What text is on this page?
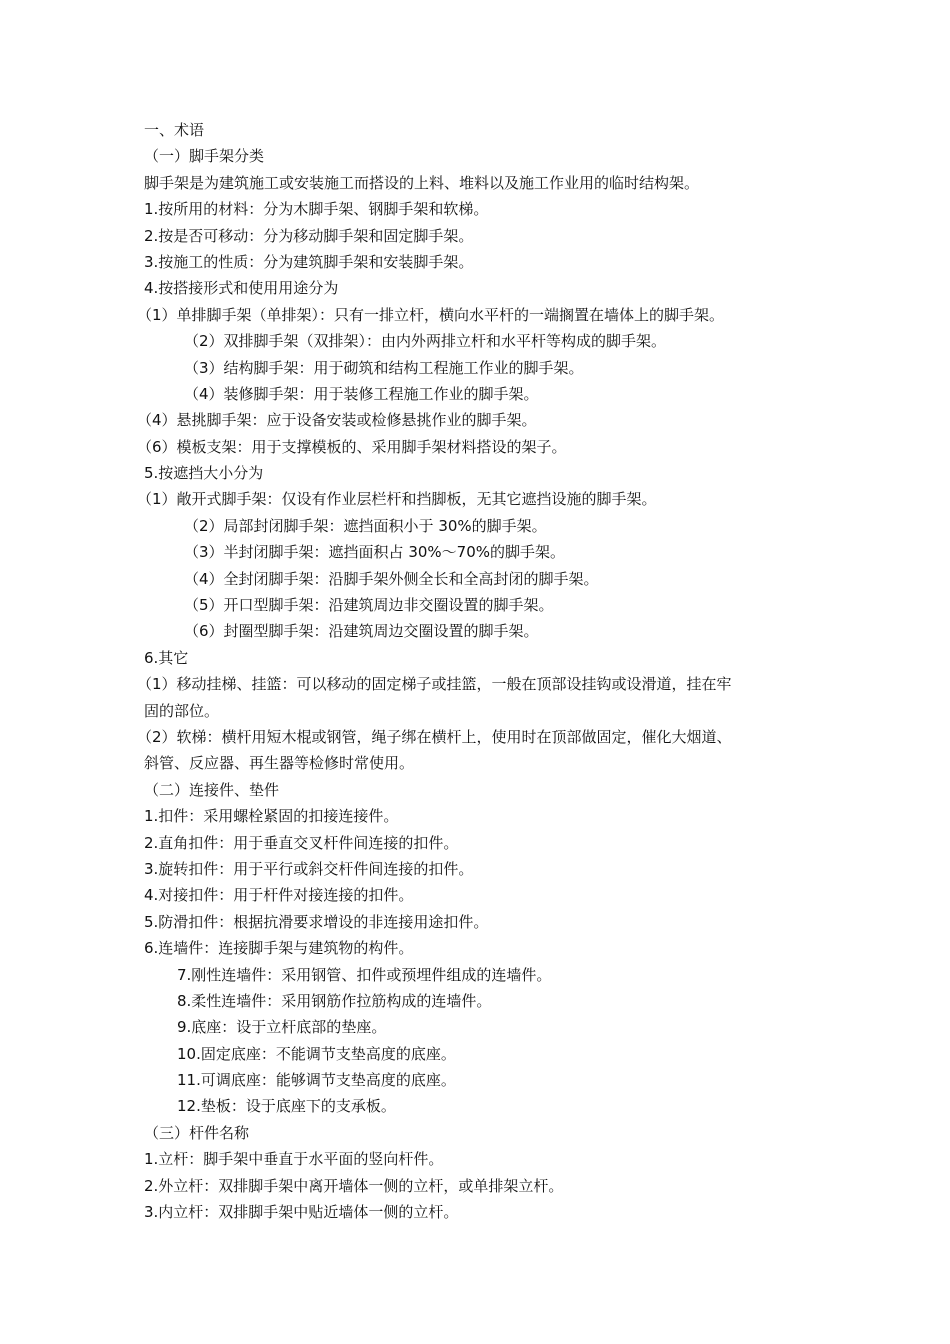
一、术语
（一）脚手架分类
脚手架是为建筑施工或安装施工而搭设的上料、堆料以及施工作业用的临时结构架。
1.按所用的材料：分为木脚手架、钢脚手架和软梯。
2.按是否可移动：分为移动脚手架和固定脚手架。
3.按施工的性质：分为建筑脚手架和安装脚手架。
4.按搭接形式和使用用途分为
（1）单排脚手架（单排架）：只有一排立杆，横向水平杆的一端搁置在墙体上的脚手架。
（2）双排脚手架（双排架）：由内外两排立杆和水平杆等构成的脚手架。
（3）结构脚手架：用于砌筑和结构工程施工作业的脚手架。
（4）装修脚手架：用于装修工程施工作业的脚手架。
（4）悬挑脚手架：应于设备安装或检修悬挑作业的脚手架。
（6）模板支架：用于支撑模板的、采用脚手架材料搭设的架子。
5.按遮挡大小分为
（1）敞开式脚手架：仅设有作业层栏杆和挡脚板，无其它遮挡设施的脚手架。
（2）局部封闭脚手架：遮挡面积小于 30%的脚手架。
（3）半封闭脚手架：遮挡面积占 30%～70%的脚手架。
（4）全封闭脚手架：沿脚手架外侧全长和全高封闭的脚手架。
（5）开口型脚手架：沿建筑周边非交圈设置的脚手架。
（6）封圈型脚手架：沿建筑周边交圈设置的脚手架。
6.其它
（1）移动挂梯、挂篮：可以移动的固定梯子或挂篮，一般在顶部设挂钩或设滑道，挂在牢
固的部位。
（2）软梯：横杆用短木棍或钢管，绳子绑在横杆上，使用时在顶部做固定，催化大烟道、
斜管、反应器、再生器等检修时常使用。
（二）连接件、垫件
1.扣件：采用螺栓紧固的扣接连接件。
2.直角扣件：用于垂直交叉杆件间连接的扣件。
3.旋转扣件：用于平行或斜交杆件间连接的扣件。
4.对接扣件：用于杆件对接连接的扣件。
5.防滑扣件：根据抗滑要求增设的非连接用途扣件。
6.连墙件：连接脚手架与建筑物的构件。
7.刚性连墙件：采用钢管、扣件或预埋件组成的连墙件。
8.柔性连墙件：采用钢筋作拉筋构成的连墙件。
9.底座：设于立杆底部的垫座。
10.固定底座：不能调节支垫高度的底座。
11.可调底座：能够调节支垫高度的底座。
12.垫板：设于底座下的支承板。
（三）杆件名称
1.立杆：脚手架中垂直于水平面的竖向杆件。
2.外立杆：双排脚手架中离开墙体一侧的立杆，或单排架立杆。
3.内立杆：双排脚手架中贴近墙体一侧的立杆。
